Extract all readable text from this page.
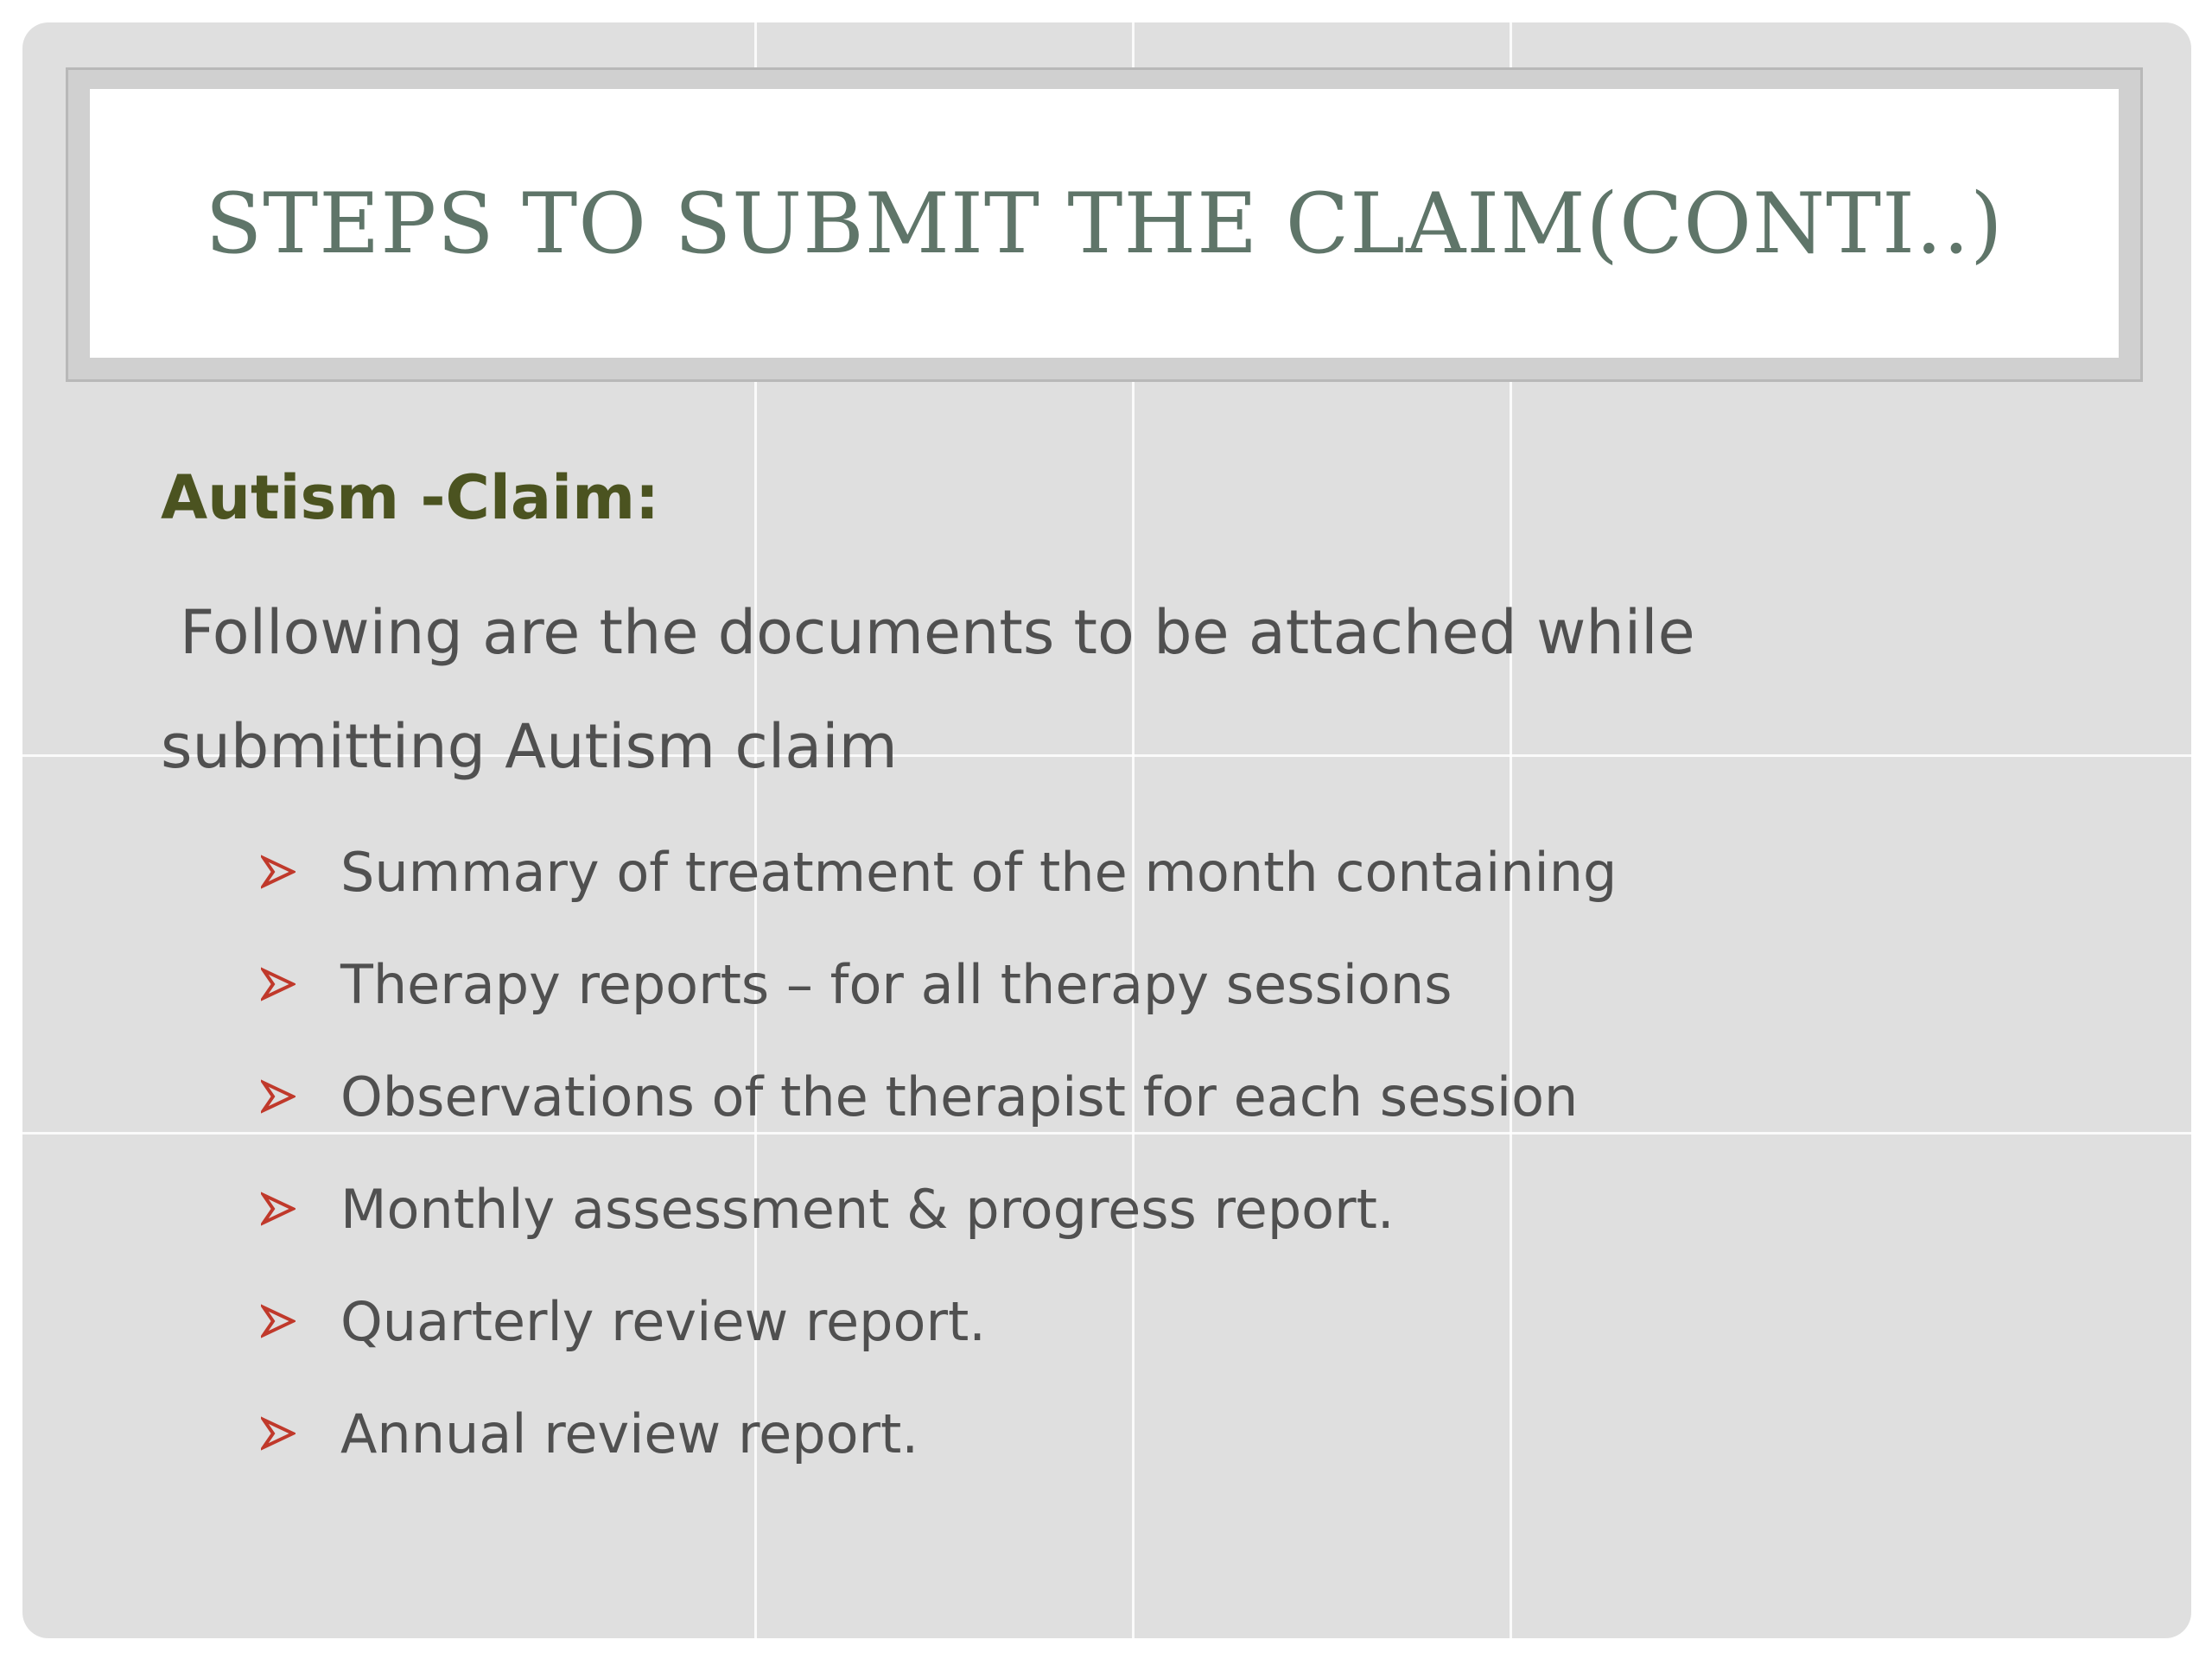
STEPS TO SUBMIT THE CLAIM(CONTI..)
Autism -Claim:
Following are the documents to be attached while
submitting Autism claim
Summary of treatment of the month containing
Therapy reports – for all therapy sessions
Observations of the therapist for each session
Monthly assessment & progress report.
Quarterly review report.
Annual review report.
